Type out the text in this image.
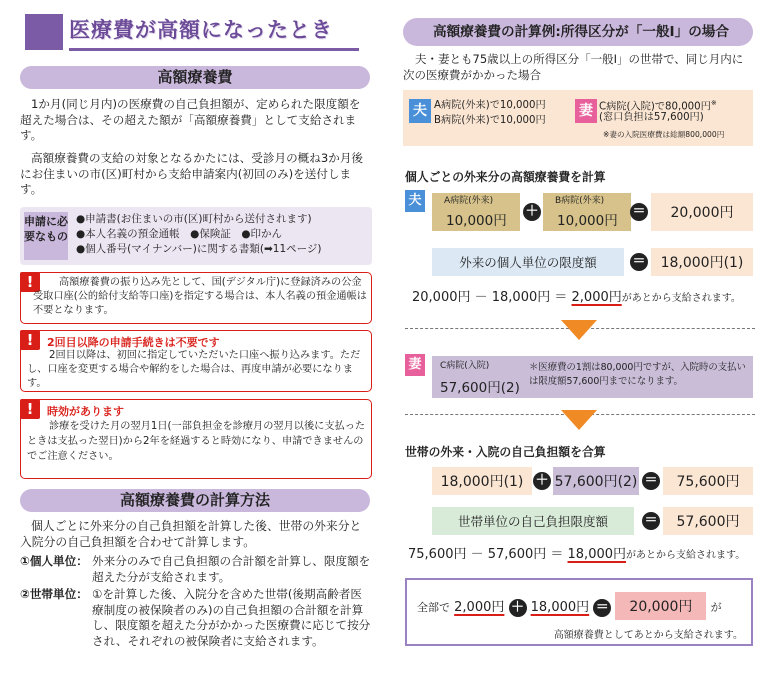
医療費が高額になったとき
高額療養費
1か月(同じ月内)の医療費の自己負担額が、定められた限度額を超えた場合は、その超えた額が「高額療養費」として支給されます。
高額療養費の支給の対象となるかたには、受診月の概ね3か月後にお住まいの市(区)町村から支給申請案内(初回のみ)を送付します。
申請に必要なもの
●申請書(お住まいの市(区)町村から送付されます)
●本人名義の預金通帳　●保険証　●印かん
●個人番号(マイナンバー)に関する書類(➡11ページ)
!	高額療養費の振り込み先として、国(デジタル庁)に登録済みの公金受取口座(公的給付支給等口座)を指定する場合は、本人名義の預金通帳は不要となります。
!	2回目以降の申請手続きは不要です
2回目以降は、初回に指定していただいた口座へ振り込みます。ただし、口座を変更する場合や解約をした場合は、再度申請が必要になります。
!	時効があります
診療を受けた月の翌月1日(一部負担金を診療月の翌月以後に支払ったときは支払った翌日)から2年を経過すると時効になり、申請できませんのでご注意ください。
高額療養費の計算方法
個人ごとに外来分の自己負担額を計算した後、世帯の外来分と入院分の自己負担額を合わせて計算します。
①個人単位： 外来分のみで自己負担額の合計額を計算し、限度額を超えた分が支給されます。
②世帯単位： ①を計算した後、入院分を含めた世帯(後期高齢者医療制度の被保険者のみ)の自己負担額の合計額を計算し、限度額を超えた分がかかった医療費に応じて按分され、それぞれの被保険者に支給されます。
高額療養費の計算例:所得区分が「一般Ⅰ」の場合
夫・妻とも75歳以上の所得区分「一般Ⅰ」の世帯で、同じ月内に次の医療費がかかった場合
夫 A病院(外来)で10,000円
B病院(外来)で10,000円
妻 C病院(入院)で80,000円※
(窓口負担は57,600円)
※妻の入院医療費は総額800,000円
個人ごとの外来分の高額療養費を計算
夫	A病院(外来)
10,000円
＋
B病院(外来)
10,000円
＝	20,000円
外来の個人単位の限度額	＝	18,000円(1)
20,000円 － 18,000円 ＝ 2,000円があとから支給されます。
妻	C病院(入院)
57,600円(2)
＊医療費の1割は80,000円ですが、入院時の支払いは限度額57,600円までになります。
世帯の外来・入院の自己負担額を合算
18,000円(1) ＋ 57,600円(2) ＝	75,600円
世帯単位の自己負担限度額	＝	57,600円
75,600円 － 57,600円 ＝ 18,000円があとから支給されます。
全部で 2,000円 ＋ 18,000円 ＝ 20,000円 が
高額療養費としてあとから支給されます。
